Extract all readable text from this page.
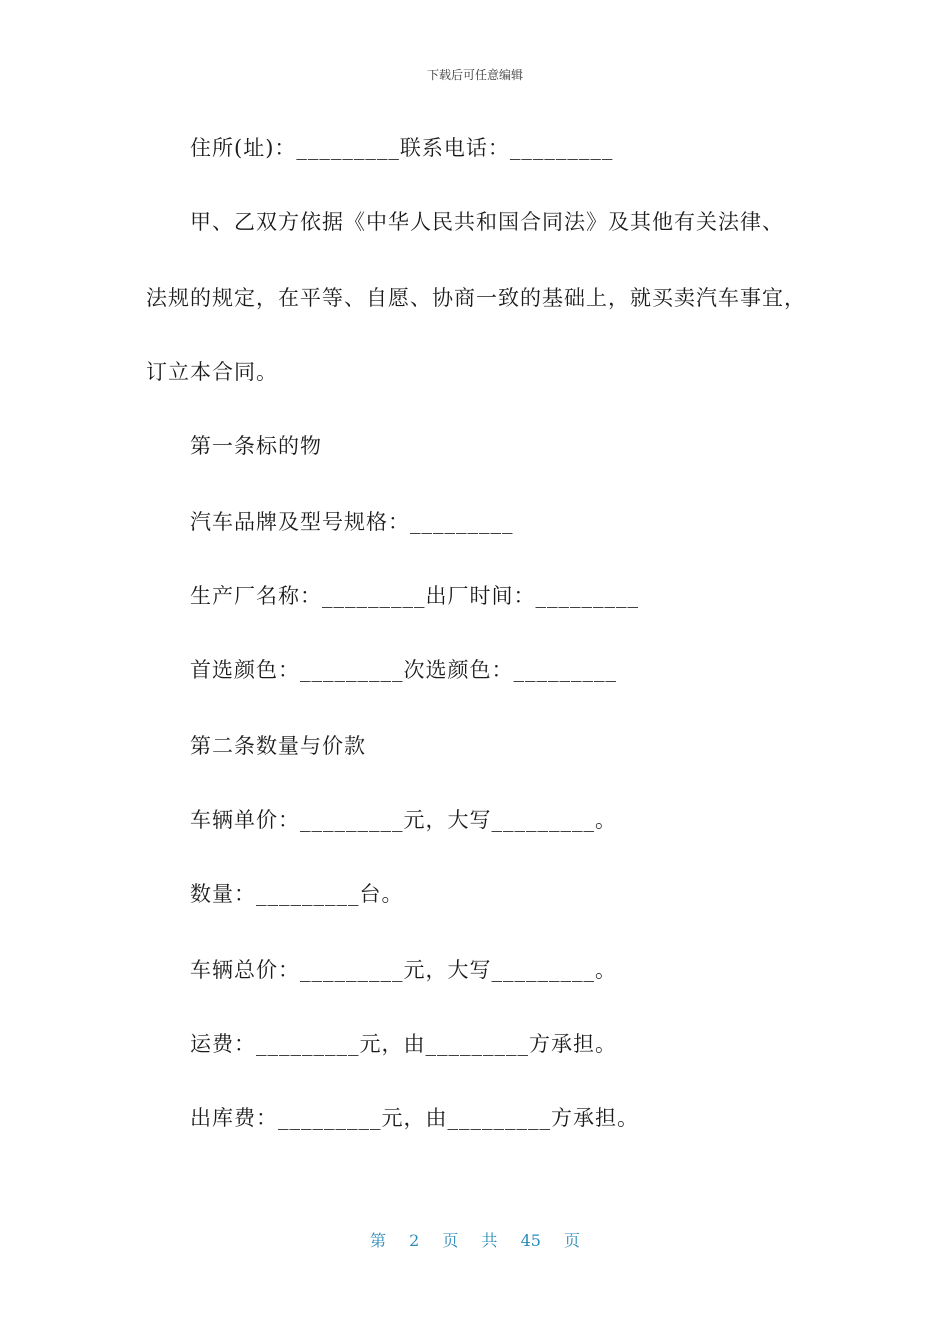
下载后可任意编辑
住所(址)：_________联系电话：_________
甲、乙双方依据《中华人民共和国合同法》及其他有关法律、
法规的规定，在平等、自愿、协商一致的基础上，就买卖汽车事宜，
订立本合同。
第一条标的物
汽车品牌及型号规格：_________
生产厂名称：_________出厂时间：_________
首选颜色：_________次选颜色：_________
第二条数量与价款
车辆单价：_________元，大写_________。
数量：_________台。
车辆总价：_________元，大写_________。
运费：_________元，由_________方承担。
出库费：_________元，由_________方承担。
第 2 页 共 45 页
